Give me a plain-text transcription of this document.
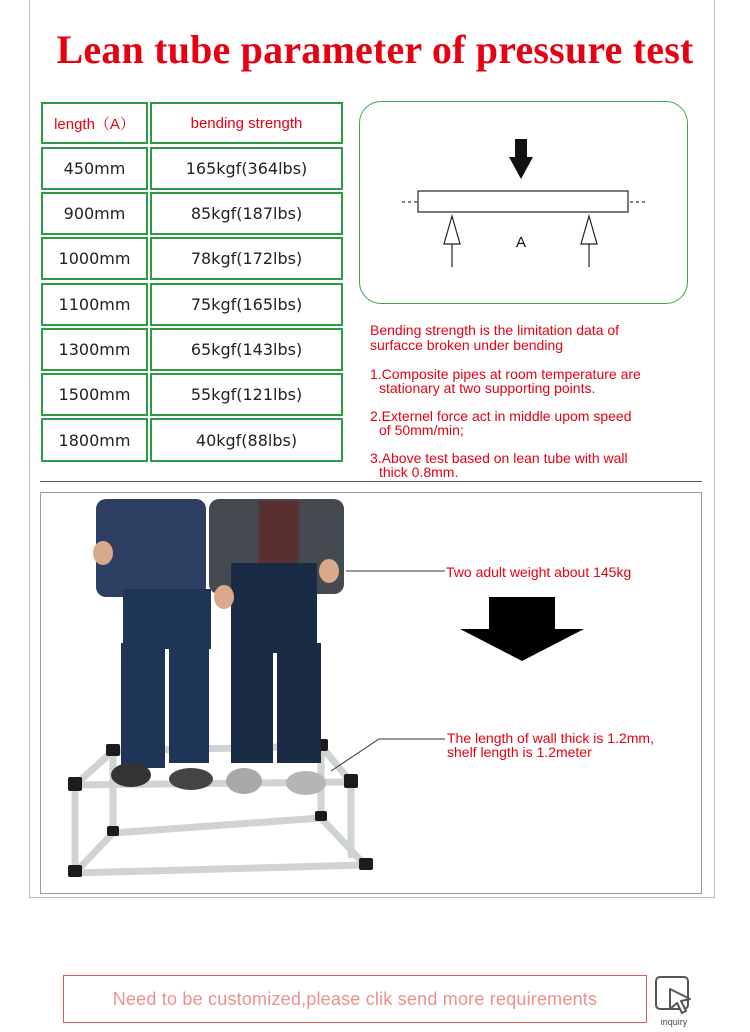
Lean tube parameter of pressure test
length（A）	bending strength
450mm	165kgf(364lbs)
900mm	85kgf(187lbs)
1000mm	78kgf(172lbs)
1100mm	75kgf(165lbs)
1300mm	65kgf(143lbs)
1500mm	55kgf(121lbs)
1800mm	40kgf(88lbs)
A
Bending strength is the limitation data of
surfacce broken under bending
1.Composite pipes at room temperature are
stationary at two supporting points.
2.Externel force act in middle upom speed
of 50mm/min;
3.Above test based on lean tube with wall
thick 0.8mm.
Two adult weight about 145kg
The length of wall thick is 1.2mm,
shelf length is 1.2meter
Need to be customized,please clik send more requirements
inquiry
